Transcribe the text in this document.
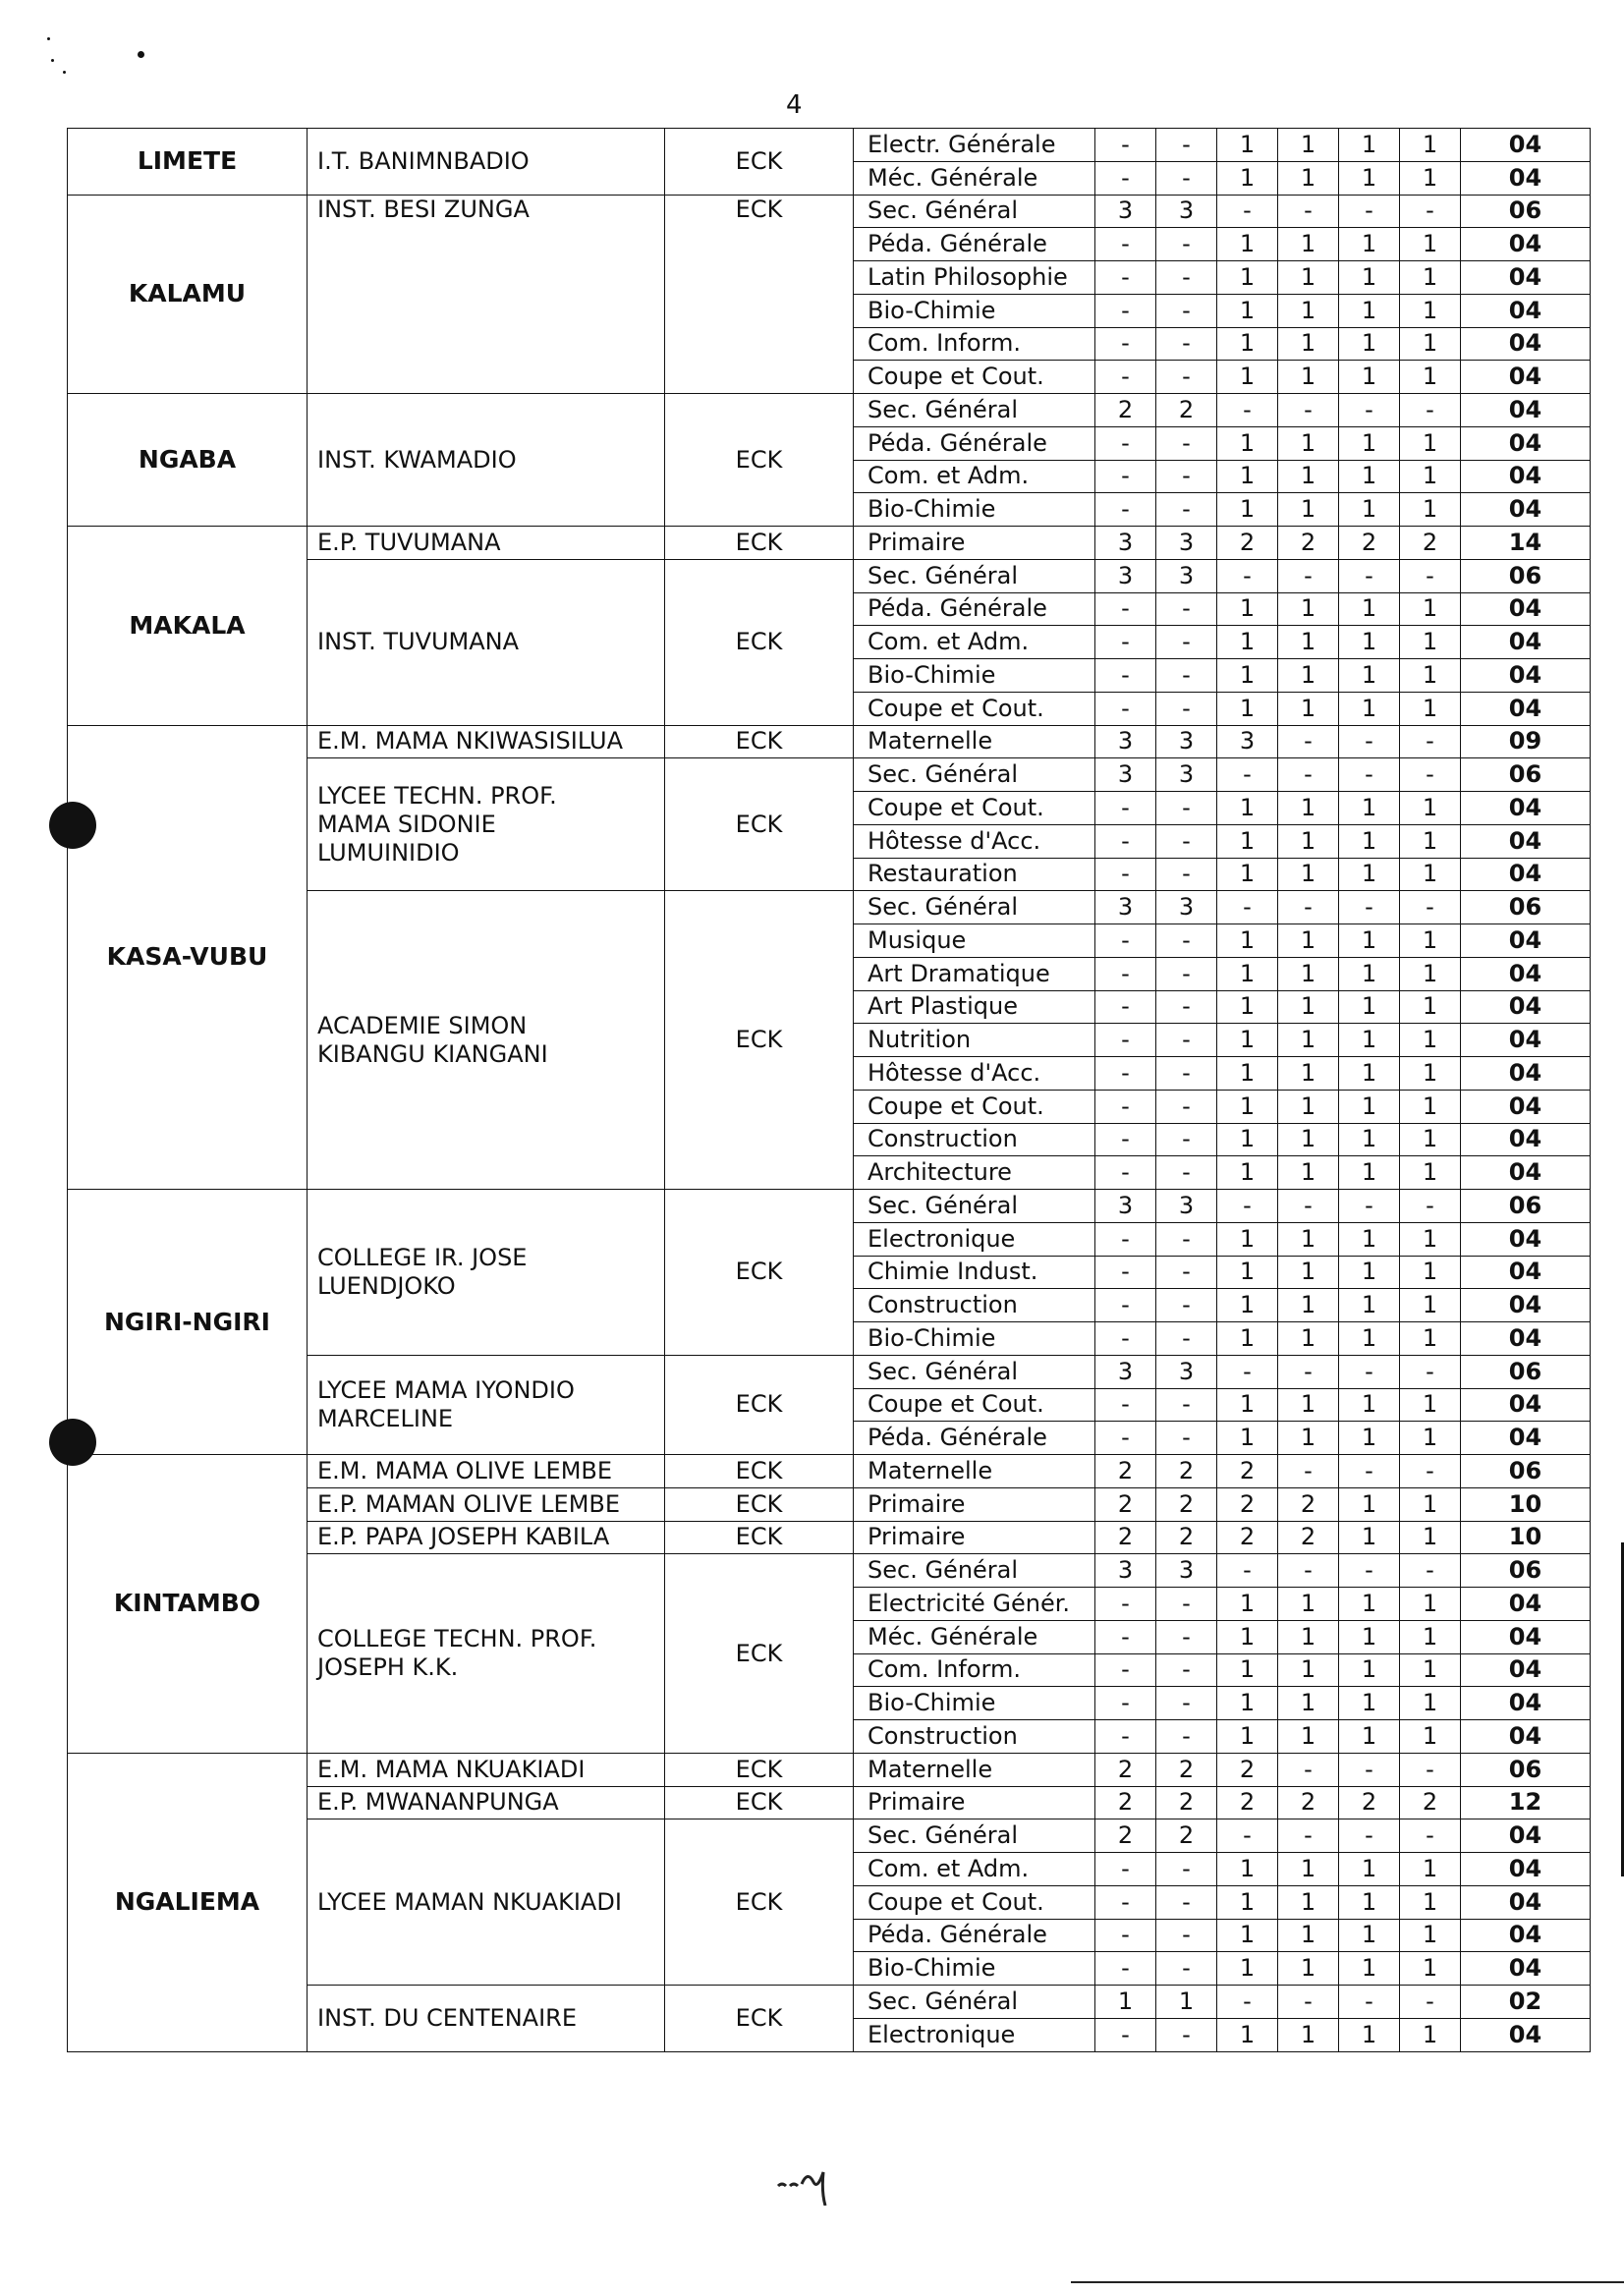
4
LIMETE	I.T. BANIMNBADIO	ECK	Electr. Générale	-	-	1	1	1	1	04
			Méc. Générale	-	-	1	1	1	1	04
KALAMU	INST. BESI ZUNGA	ECK	Sec. Général	3	3	-	-	-	-	06
			Péda. Générale	-	-	1	1	1	1	04
			Latin Philosophie	-	-	1	1	1	1	04
			Bio-Chimie	-	-	1	1	1	1	04
			Com. Inform.	-	-	1	1	1	1	04
			Coupe et Cout.	-	-	1	1	1	1	04
NGABA	INST. KWAMADIO	ECK	Sec. Général	2	2	-	-	-	-	04
			Péda. Générale	-	-	1	1	1	1	04
			Com. et Adm.	-	-	1	1	1	1	04
			Bio-Chimie	-	-	1	1	1	1	04
MAKALA	E.P. TUVUMANA	ECK	Primaire	3	3	2	2	2	2	14

	INST. TUVUMANA	ECK	Sec. Général	3	3	-	-	-	-	06
			Péda. Générale	-	-	1	1	1	1	04
			Com. et Adm.	-	-	1	1	1	1	04
			Bio-Chimie	-	-	1	1	1	1	04
			Coupe et Cout.	-	-	1	1	1	1	04
KASA-VUBU	E.M. MAMA NKIWASISILUA	ECK	Maternelle	3	3	3	-	-	-	09

	LYCEE TECHN. PROF.
MAMA SIDONIE
LUMUINIDIO	ECK	Sec. Général	3	3	-	-	-	-	06
			Coupe et Cout.	-	-	1	1	1	1	04
			Hôtesse d'Acc.	-	-	1	1	1	1	04
			Restauration	-	-	1	1	1	1	04

	ACADEMIE SIMON
KIBANGU KIANGANI	ECK	Sec. Général	3	3	-	-	-	-	06
			Musique	-	-	1	1	1	1	04
			Art Dramatique	-	-	1	1	1	1	04
			Art Plastique	-	-	1	1	1	1	04
			Nutrition	-	-	1	1	1	1	04
			Hôtesse d'Acc.	-	-	1	1	1	1	04
			Coupe et Cout.	-	-	1	1	1	1	04
			Construction	-	-	1	1	1	1	04
			Architecture	-	-	1	1	1	1	04
NGIRI-NGIRI	COLLEGE IR. JOSE
LUENDJOKO	ECK	Sec. Général	3	3	-	-	-	-	06
			Electronique	-	-	1	1	1	1	04
			Chimie Indust.	-	-	1	1	1	1	04
			Construction	-	-	1	1	1	1	04
			Bio-Chimie	-	-	1	1	1	1	04

	LYCEE MAMA IYONDIO
MARCELINE	ECK	Sec. Général	3	3	-	-	-	-	06
			Coupe et Cout.	-	-	1	1	1	1	04
			Péda. Générale	-	-	1	1	1	1	04
KINTAMBO	E.M. MAMA OLIVE LEMBE	ECK	Maternelle	2	2	2	-	-	-	06

	E.P. MAMAN OLIVE LEMBE	ECK	Primaire	2	2	2	2	1	1	10

	E.P. PAPA JOSEPH KABILA	ECK	Primaire	2	2	2	2	1	1	10

	COLLEGE TECHN. PROF.
JOSEPH K.K.	ECK	Sec. Général	3	3	-	-	-	-	06
			Electricité Génér.	-	-	1	1	1	1	04
			Méc. Générale	-	-	1	1	1	1	04
			Com. Inform.	-	-	1	1	1	1	04
			Bio-Chimie	-	-	1	1	1	1	04
			Construction	-	-	1	1	1	1	04
NGALIEMA	E.M. MAMA NKUAKIADI	ECK	Maternelle	2	2	2	-	-	-	06

	E.P. MWANANPUNGA	ECK	Primaire	2	2	2	2	2	2	12

	LYCEE MAMAN NKUAKIADI	ECK	Sec. Général	2	2	-	-	-	-	04
			Com. et Adm.	-	-	1	1	1	1	04
			Coupe et Cout.	-	-	1	1	1	1	04
			Péda. Générale	-	-	1	1	1	1	04
			Bio-Chimie	-	-	1	1	1	1	04

	INST. DU CENTENAIRE	ECK	Sec. Général	1	1	-	-	-	-	02
			Electronique	-	-	1	1	1	1	04
